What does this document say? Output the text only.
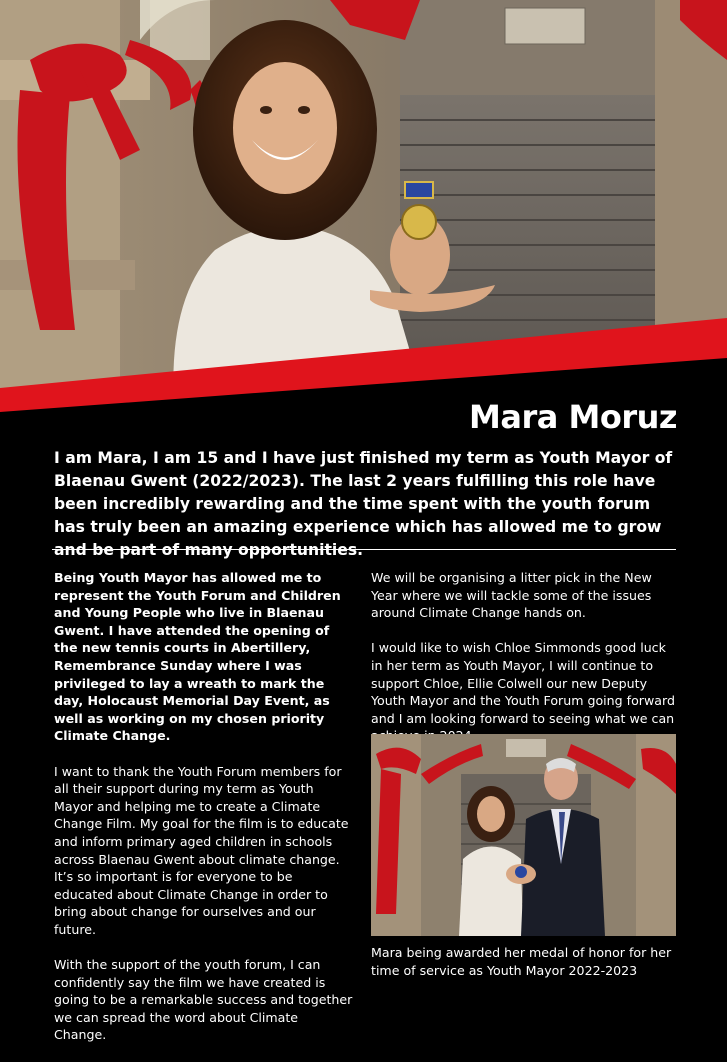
Mara Moruz

I am Mara, I am 15 and I have just finished my term as Youth Mayor of Blaenau Gwent (2022/2023). The last 2 years fulfilling this role have been incredibly rewarding and the time spent with the youth forum has truly been an amazing experience which has allowed me to grow and be part of many opportunities.

Being Youth Mayor has allowed me to represent the Youth Forum and Children and Young People who live in Blaenau Gwent. I have attended the opening of the new tennis courts in Abertillery, Remembrance Sunday where I was privileged to lay a wreath to mark the day, Holocaust Memorial Day Event, as well as working on my chosen priority Climate Change.

I want to thank the Youth Forum members for all their support during my term as Youth Mayor and helping me to create a Climate Change Film. My goal for the film is to educate and inform primary aged children in schools across Blaenau Gwent about climate change. It’s so important is for everyone to be educated about Climate Change in order to bring about change for ourselves and our future.

With the support of the youth forum, I can confidently say the film we have created is going to be a remarkable success and together we can spread the word about Climate Change.

We will be organising a litter pick in the New Year where we will tackle some of the issues around Climate Change hands on.

I would like to wish Chloe Simmonds good luck in her term as Youth Mayor, I will continue to support Chloe, Ellie Colwell our new Deputy Youth Mayor and the Youth Forum going forward and I am looking forward to seeing what we can

Mara being awarded her medal of honor for her time of service as Youth Mayor 2022-2023
